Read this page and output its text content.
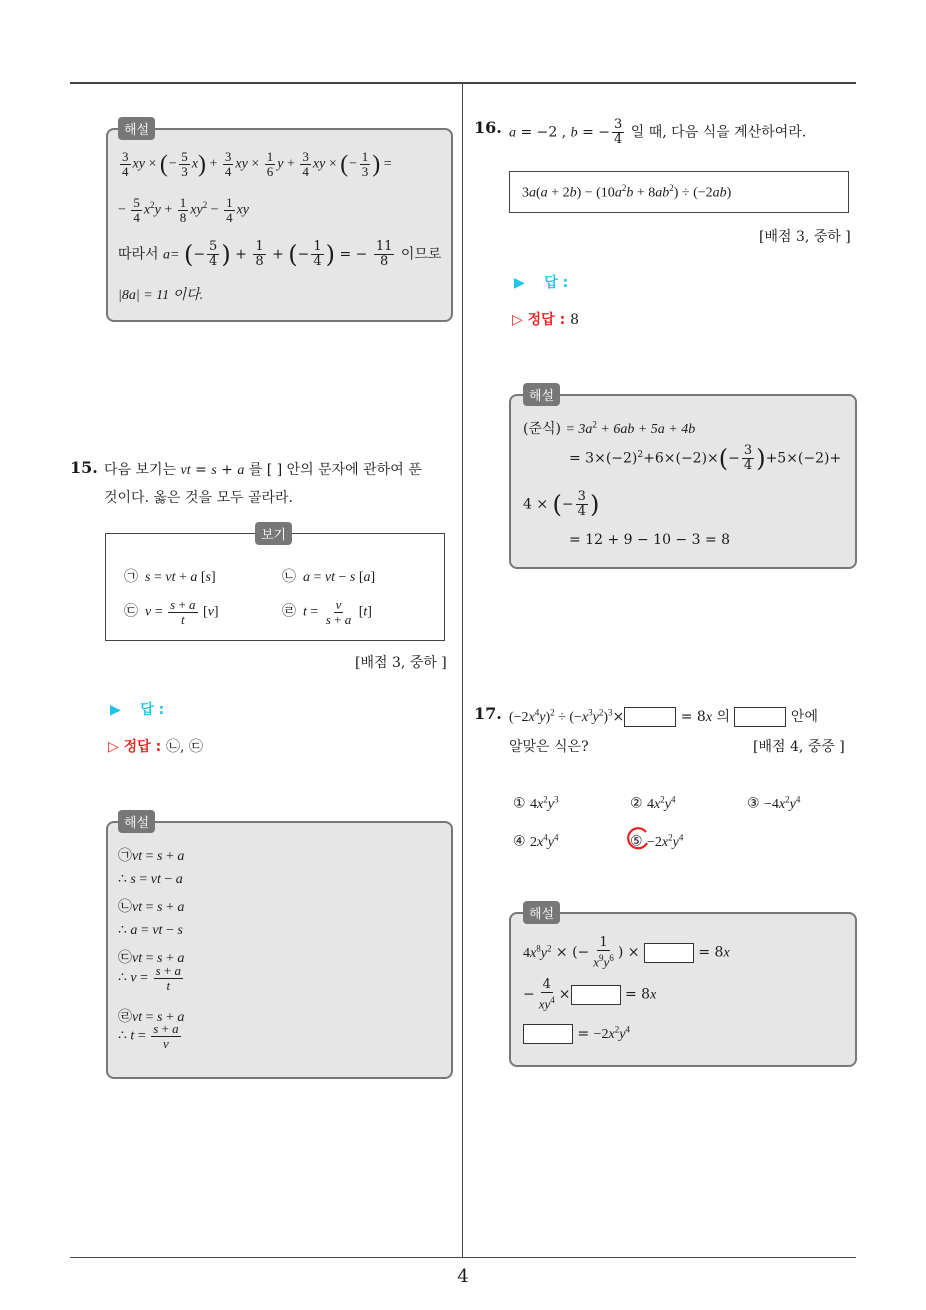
4
$\frac{3}{4}$ xy × (− $\frac{5}{3} x) + \frac{3}{4}$ xy × $\frac{1}{6}$ $y + \frac{3}{4}$ xy × (− $\frac{1}{3}$ ) =
− $\frac{5}{4} x^2y + \frac{1}{8} xy^2 - \frac{1}{4}$ xy
따라서 a= (− $\frac{5}{4}$ ) + $\frac{1}{8}$ + (− $\frac{1}{4}$ ) = − $\frac{11}{8}$ 이므로
|8a| = 11 이다.
해설
15. 다음 보기는 vt = s + a 를 [ ] 안의 문자에 관하여 푼
것이다. 옳은 것을 모두 골라라.
㉠  s = vt + a [s]	㉡  a = vt − s [a]
㉢  $v = \frac{s + a}{t} [v]$	㉣  $t = \frac{v}{s + a} [t]$
보기
[배점 3, 중하 ]
▶ 답 :
▷ 정답 : ㉡, ㉢
㉠vt = s + a
∴ s = vt − a
㉡vt = s + a
∴ a = vt − s
㉢vt = s + a
∴ $v = \frac{s + a}{t}$
㉣vt = s + a
∴ $t = \frac{s + a}{v}$
해설
16. a = −2 , b = − $\frac{3}{4}$ 일 때, 다음 식을 계산하여라.
$3a(a + 2b) - (10a^2b + 8ab^2) \div (-2ab)$
[배점 3, 중하 ]
▶ 답 :
▷ 정답 : 8
(준식) = $3a^2 + 6ab + 5a + 4b$
= $3\times(-2)^2+6\times(-2)\times(- \frac{3}{4} )+5\times(-2)+$
4 × (− $\frac{3}{4}$ )
= 12 + 9 − 10 − 3 = 8
해설
17. $(-2x^4y)^2 \div (-x^3y^2)^3\times$	= 8x 의	안에
알맞은 식은?	[배점 4, 중중 ]
① $4x^2y^3$	② $4x^2y^4$	③ $-4x^2y^4$
④ $2x^4y^4$	⑤ $-2x^2y^4$
$4x^8y^2$ × (− $\frac{1}{x^9y^6}$ ) ×	= 8x
− $\frac{4}{xy^4}$ ×	= 8x
= $-2x^2y^4$
해설
